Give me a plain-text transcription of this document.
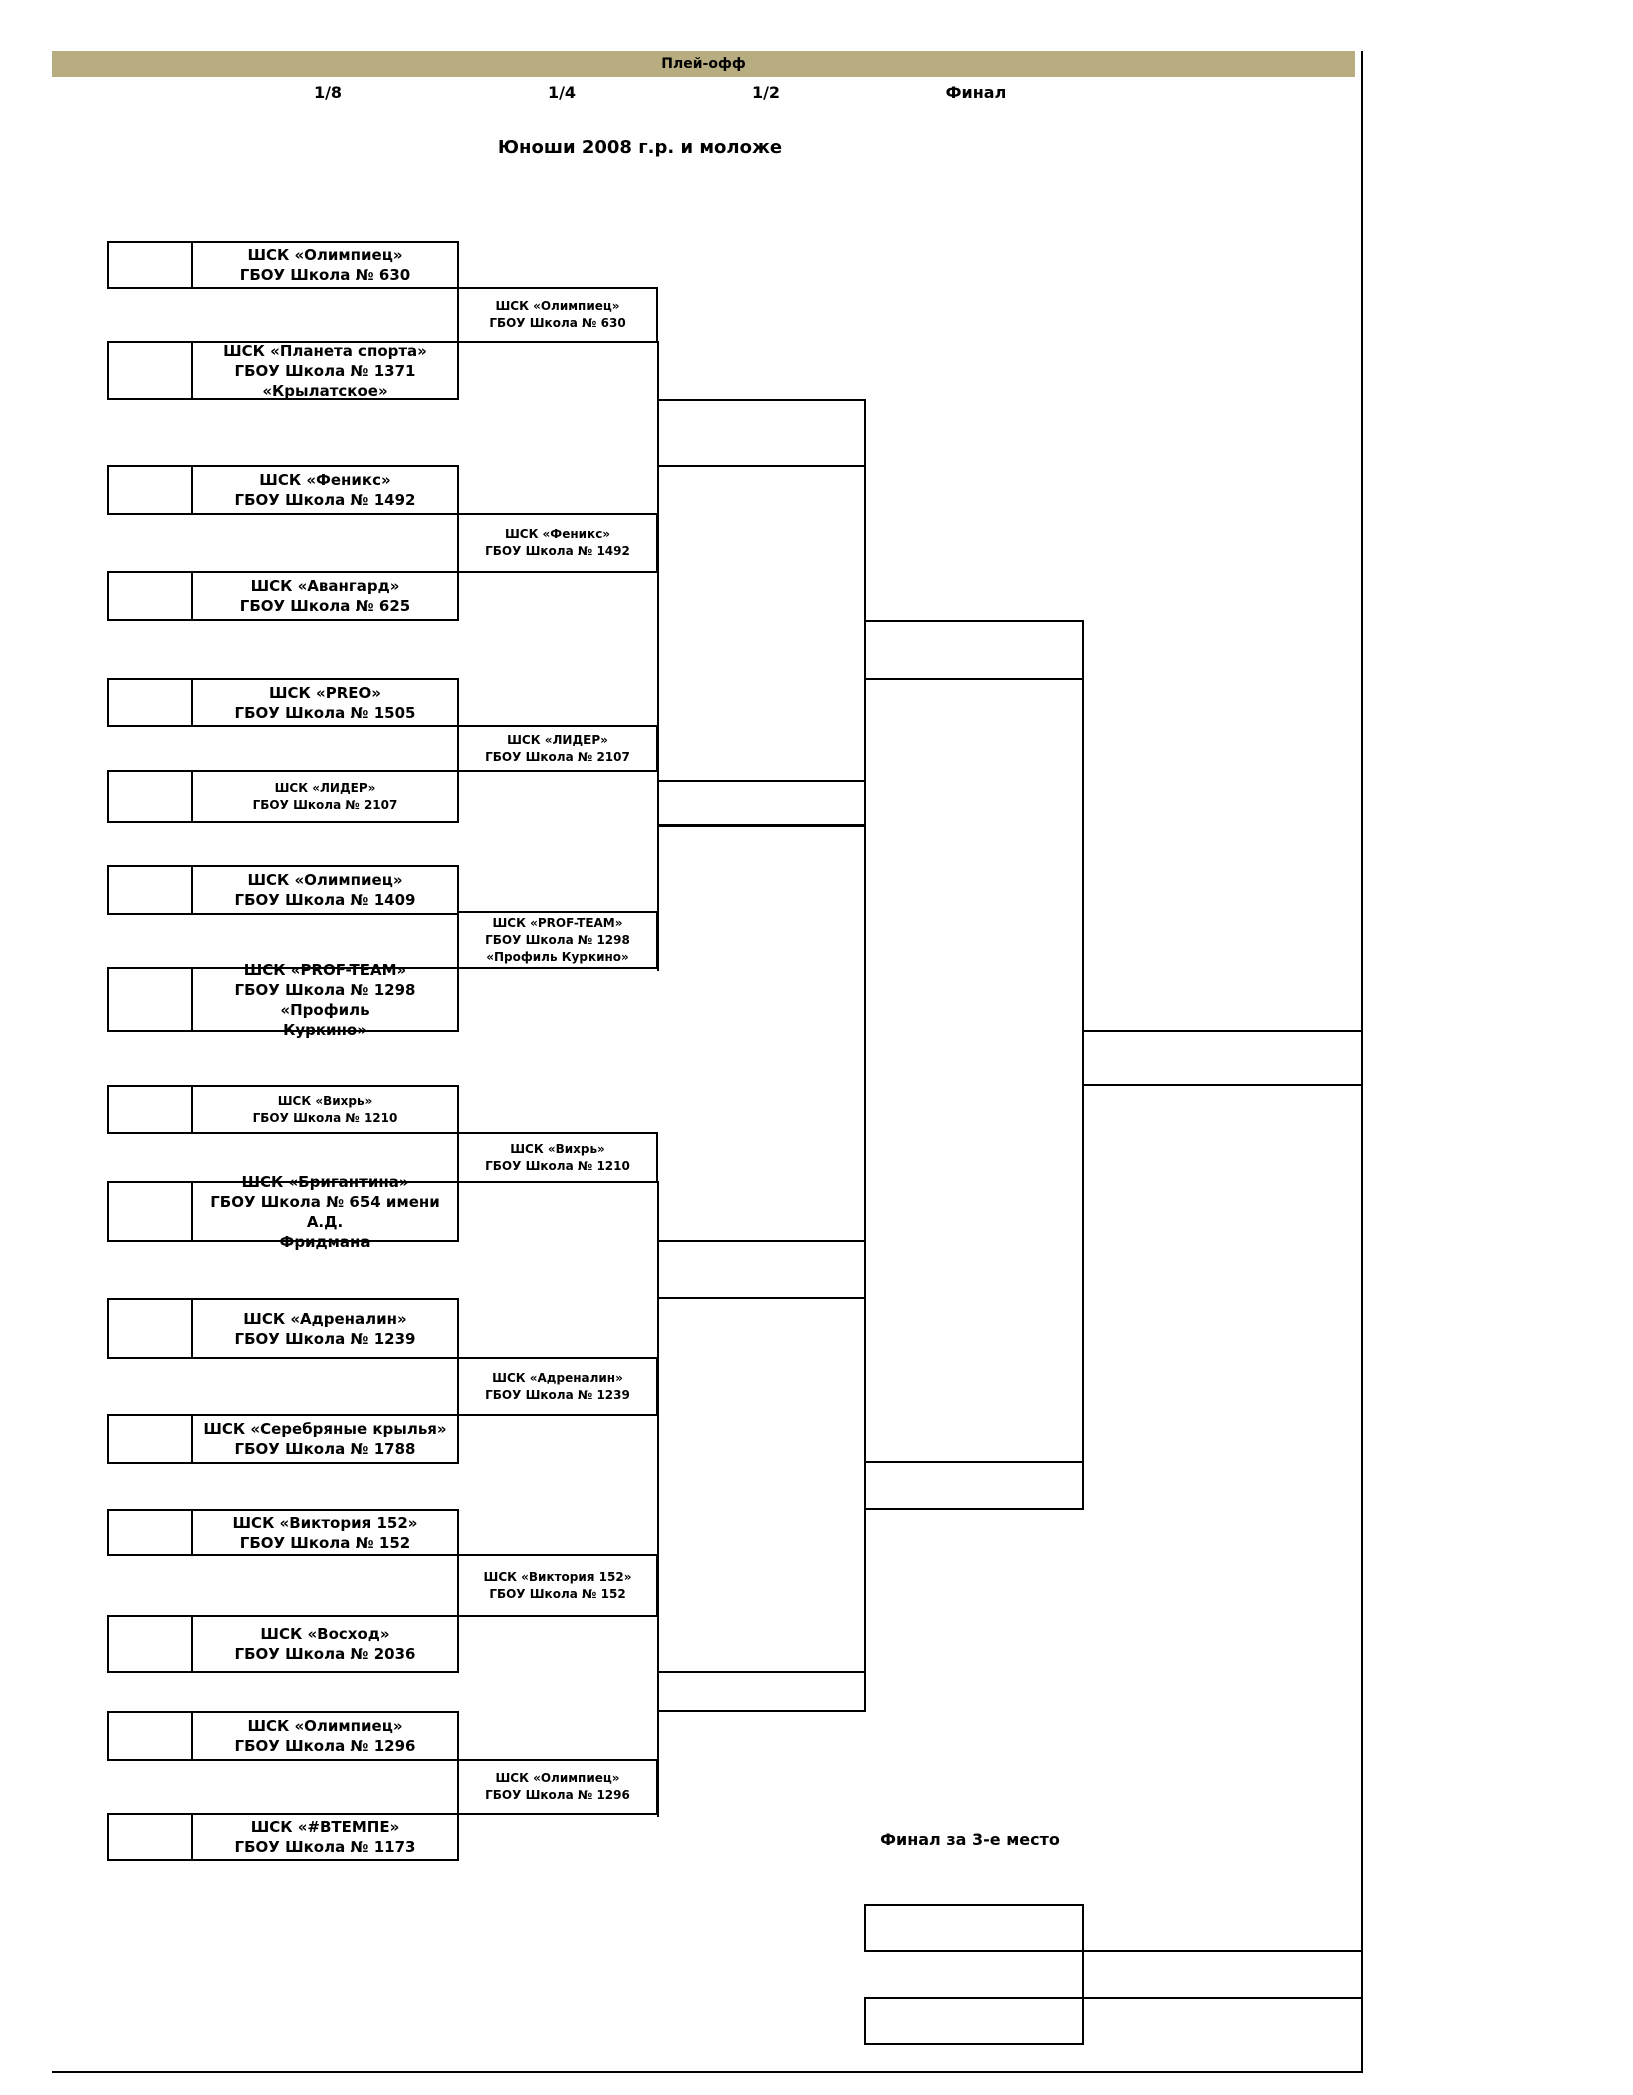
Плей-офф
1/8	1/4	1/2	Финал
Юноши 2008 г.р. и моложе
ШСК «Олимпиец»
ГБОУ Школа № 630
ШСК «Планета спорта»
ГБОУ Школа № 1371
«Крылатское»
ШСК «Феникс»
ГБОУ Школа № 1492
ШСК «Авангард»
ГБОУ Школа № 625
ШСК «PREO»
ГБОУ Школа № 1505
ШСК «ЛИДЕР»
ГБОУ Школа № 2107
ШСК «Олимпиец»
ГБОУ Школа № 1409
ШСК «PROF-TEAM»
ГБОУ Школа № 1298 «Профиль
Куркино»
ШСК «Вихрь»
ГБОУ Школа № 1210
ШСК «Бригантина»
ГБОУ Школа № 654 имени А.Д.
Фридмана
ШСК «Адреналин»
ГБОУ Школа № 1239
ШСК «Серебряные крылья»
ГБОУ Школа № 1788
ШСК «Виктория 152»
ГБОУ Школа № 152
ШСК «Восход»
ГБОУ Школа № 2036
ШСК «Олимпиец»
ГБОУ Школа № 1296
ШСК «#ВТЕМПЕ»
ГБОУ Школа № 1173
ШСК «Олимпиец»
ГБОУ Школа № 630
ШСК «Феникс»
ГБОУ Школа № 1492
ШСК «ЛИДЕР»
ГБОУ Школа № 2107
ШСК «PROF-TEAM»
ГБОУ Школа № 1298
«Профиль Куркино»
ШСК «Вихрь»
ГБОУ Школа № 1210
ШСК «Адреналин»
ГБОУ Школа № 1239
ШСК «Виктория 152»
ГБОУ Школа № 152
ШСК «Олимпиец»
ГБОУ Школа № 1296
Финал за 3-е место
